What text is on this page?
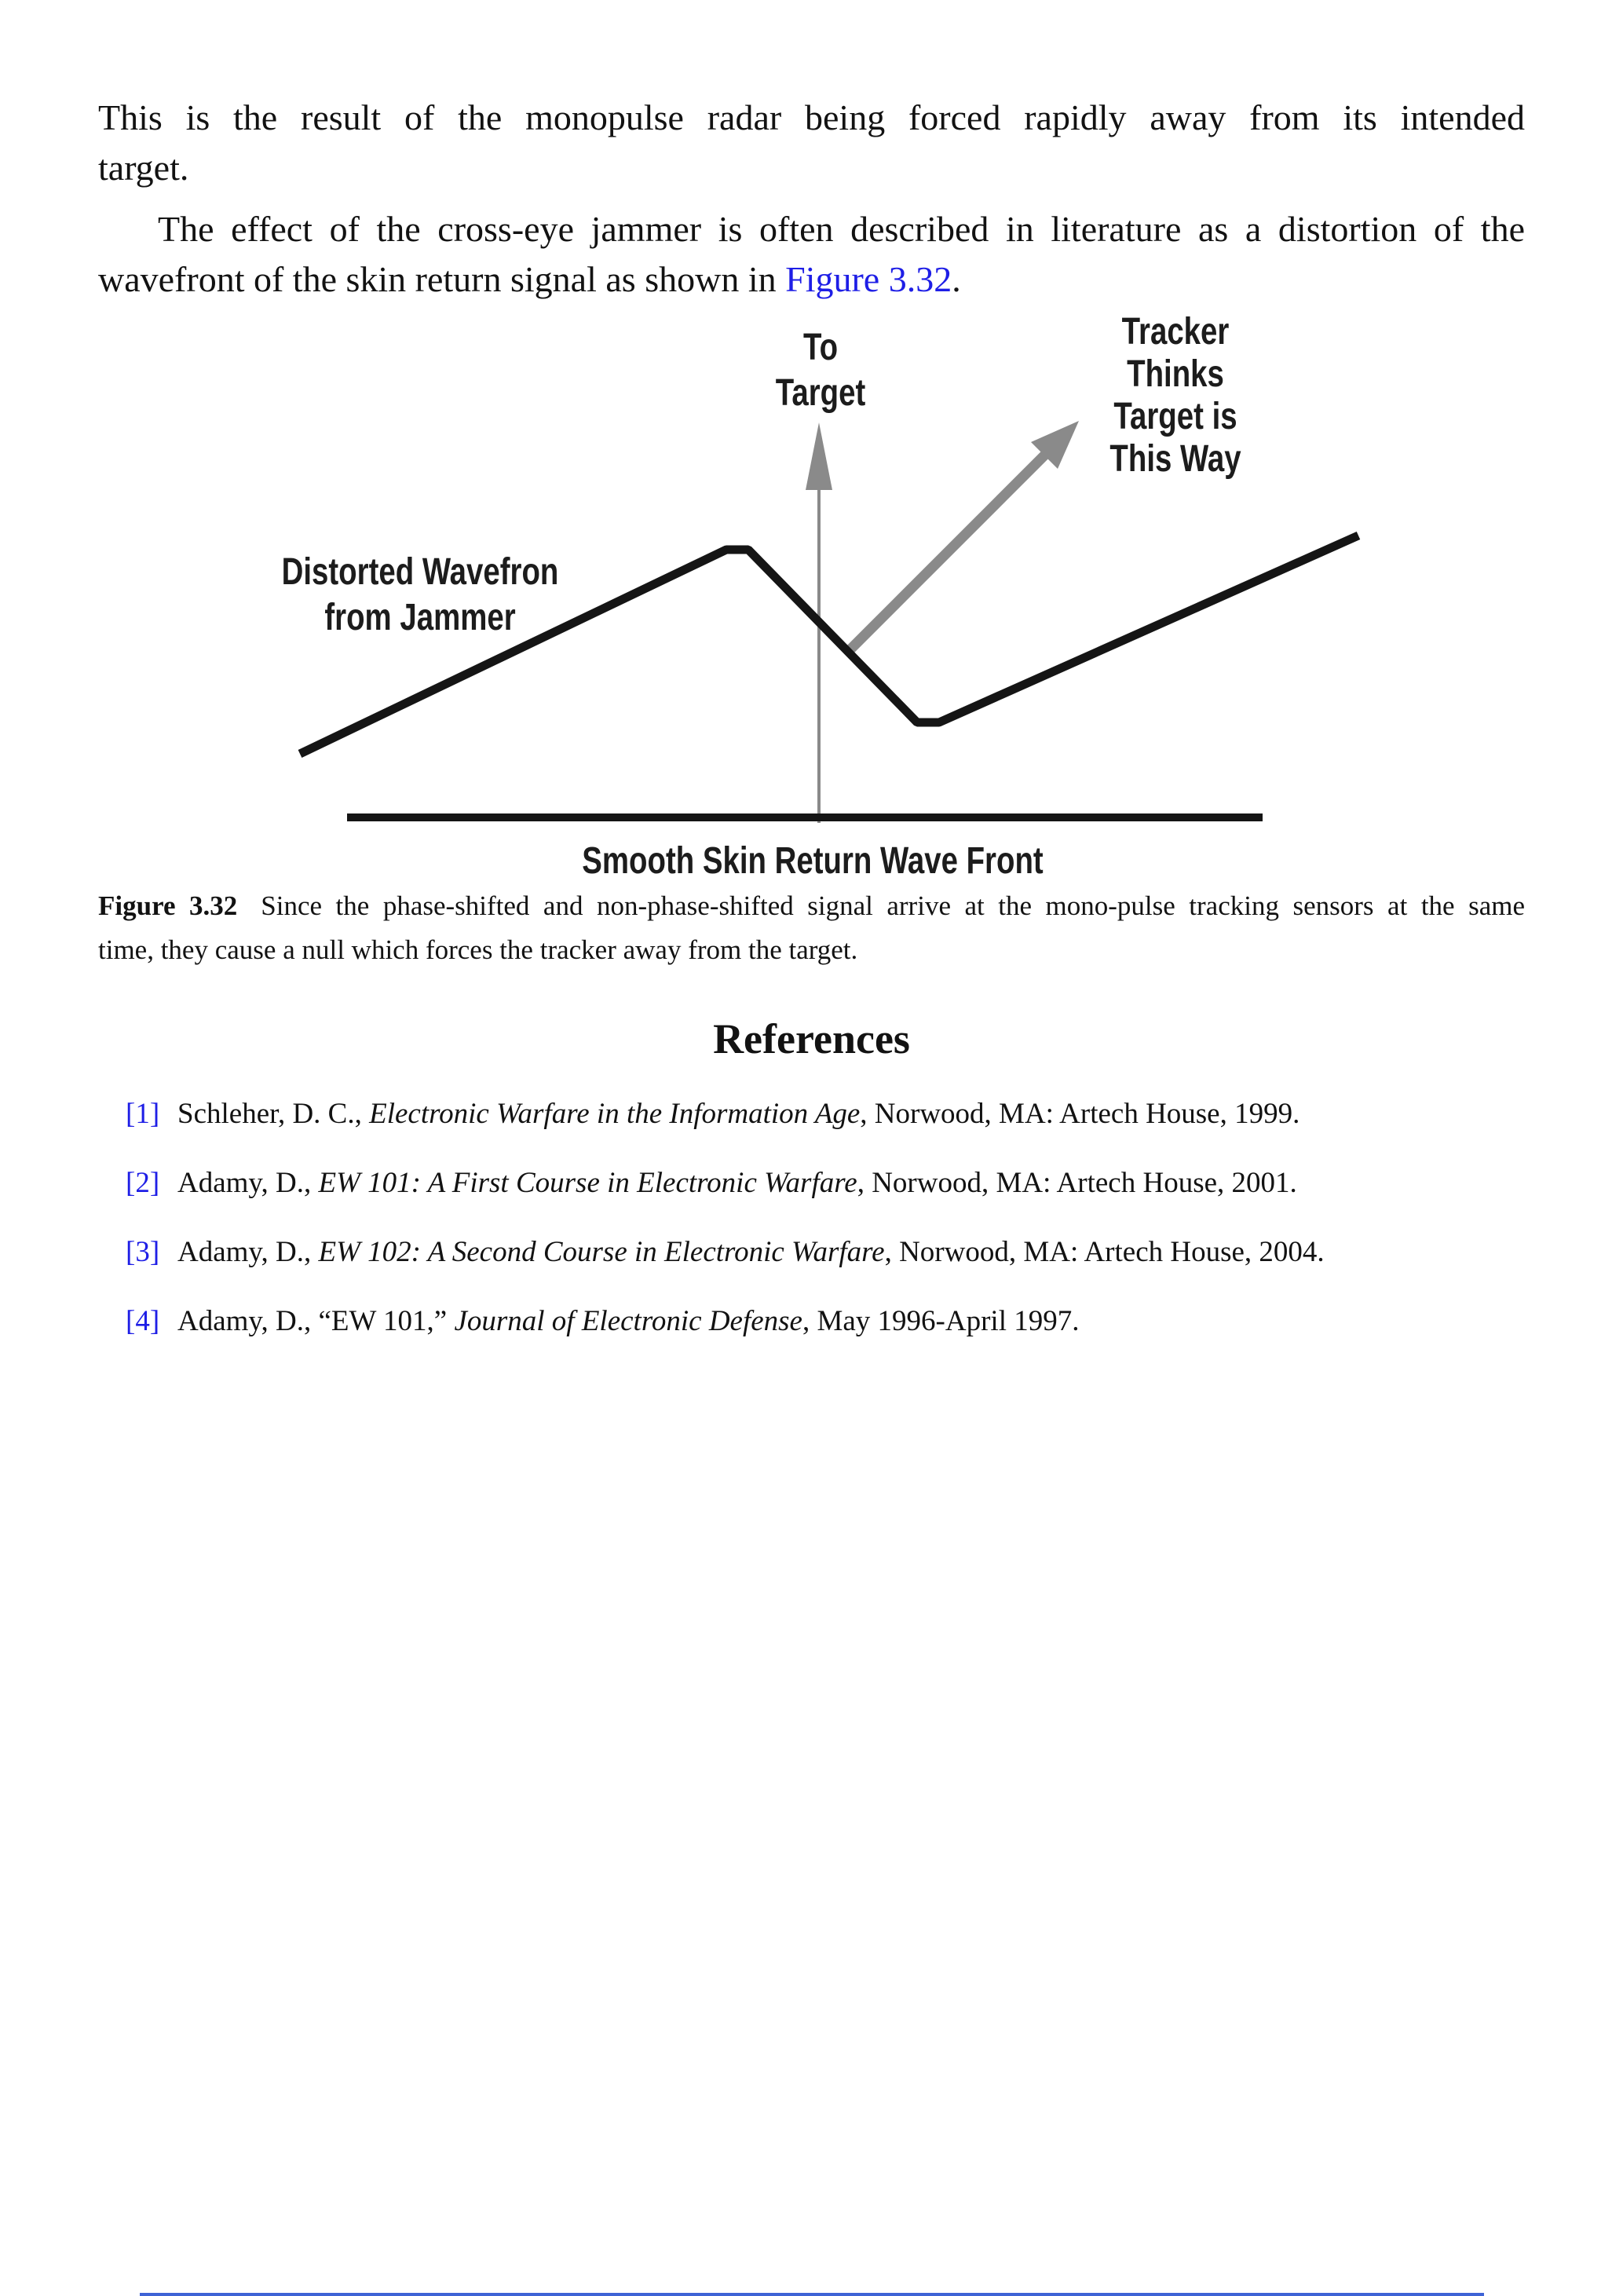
This is the result of the monopulse radar being forced rapidly away from its intended
target.
The effect of the cross-eye jammer is often described in literature as a distortion of the
wavefront of the skin return signal as shown in Figure 3.32.
To
Target
Tracker
Thinks
Target is
This Way
Distorted Wavefron
from Jammer
Smooth Skin Return Wave Front
Figure 3.32 Since the phase-shifted and non-phase-shifted signal arrive at the mono-pulse tracking sensors at the same
time, they cause a null which forces the tracker away from the target.
References
[1] Schleher, D. C., Electronic Warfare in the Information Age, Norwood, MA: Artech House, 1999.
[2] Adamy, D., EW 101: A First Course in Electronic Warfare, Norwood, MA: Artech House, 2001.
[3] Adamy, D., EW 102: A Second Course in Electronic Warfare, Norwood, MA: Artech House, 2004.
[4] Adamy, D., “EW 101,” Journal of Electronic Defense, May 1996-April 1997.
